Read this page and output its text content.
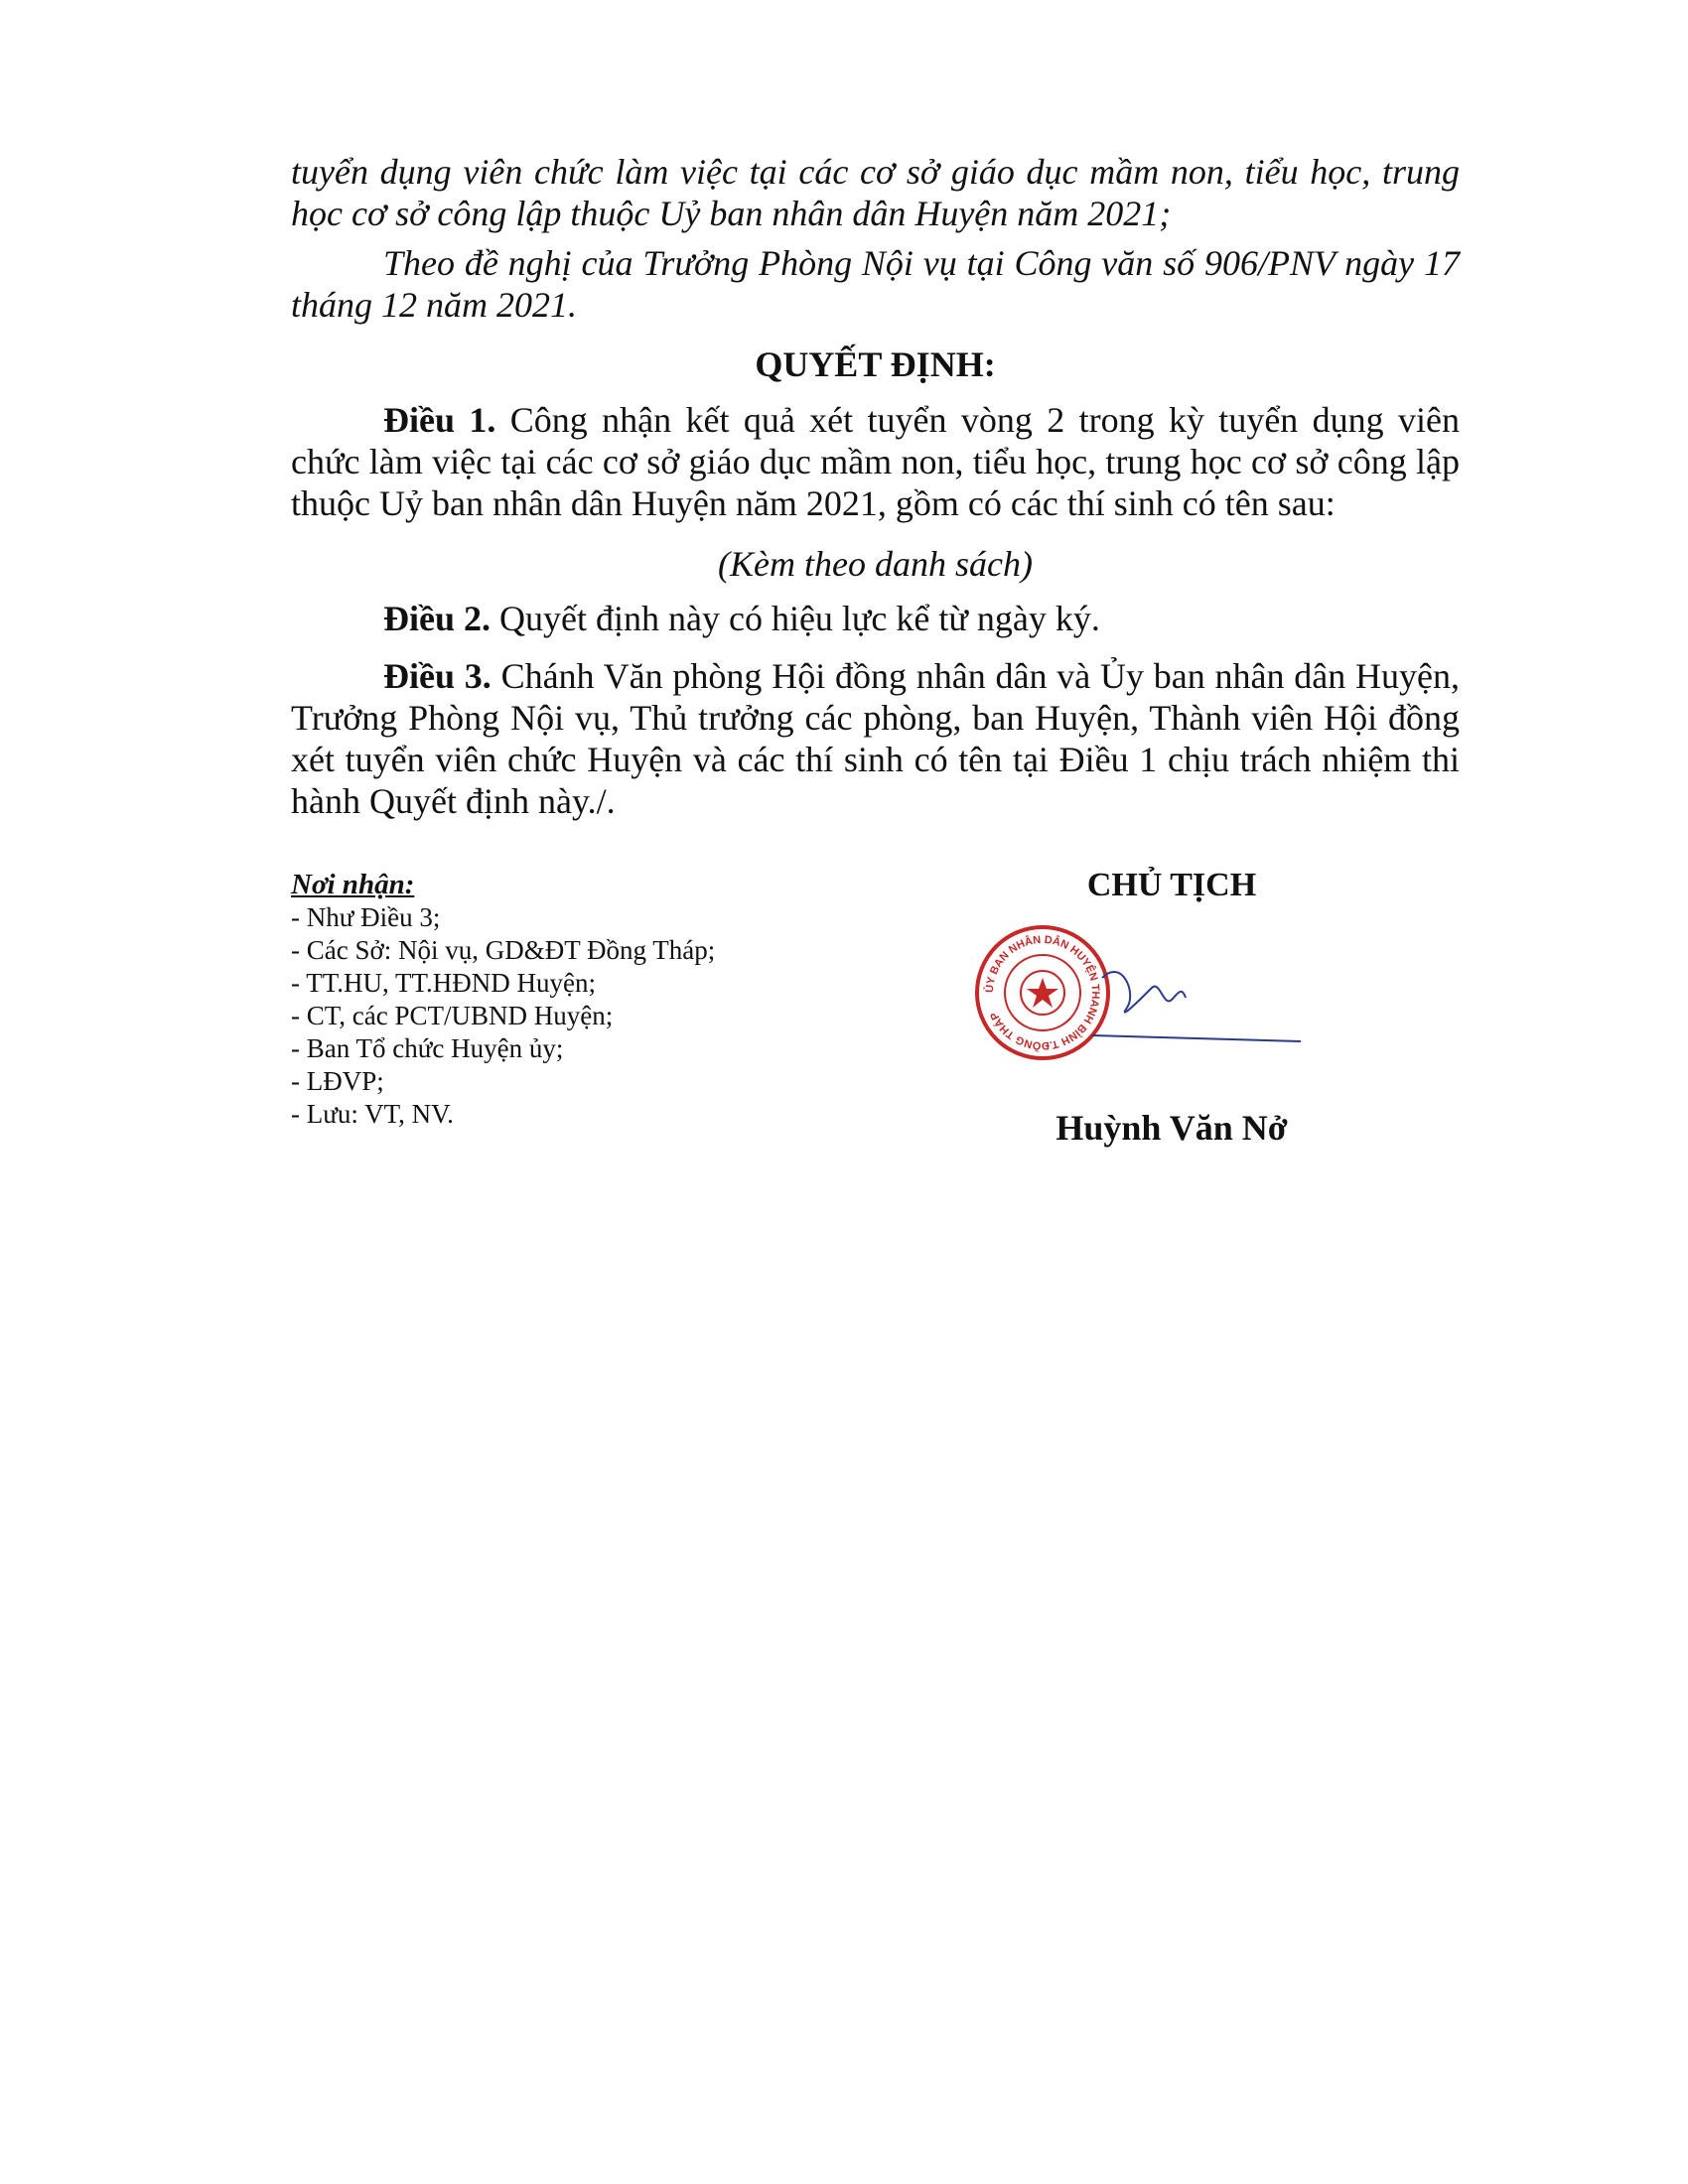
tuyển dụng viên chức làm việc tại các cơ sở giáo dục mầm non, tiểu học, trung học cơ sở công lập thuộc Uỷ ban nhân dân Huyện năm 2021;

Theo đề nghị của Trưởng Phòng Nội vụ tại Công văn số 906/PNV ngày 17 tháng 12 năm 2021.

QUYẾT ĐỊNH:

Điều 1. Công nhận kết quả xét tuyển vòng 2 trong kỳ tuyển dụng viên chức làm việc tại các cơ sở giáo dục mầm non, tiểu học, trung học cơ sở công lập thuộc Uỷ ban nhân dân Huyện năm 2021, gồm có các thí sinh có tên sau:

(Kèm theo danh sách)

Điều 2. Quyết định này có hiệu lực kể từ ngày ký.

Điều 3. Chánh Văn phòng Hội đồng nhân dân và Ủy ban nhân dân Huyện, Trưởng Phòng Nội vụ, Thủ trưởng các phòng, ban Huyện, Thành viên Hội đồng xét tuyển viên chức Huyện và các thí sinh có tên tại Điều 1 chịu trách nhiệm thi hành Quyết định này./.

Nơi nhận:
- Như Điều 3;
- Các Sở: Nội vụ, GD&ĐT Đồng Tháp;
- TT.HU, TT.HĐND Huyện;
- CT, các PCT/UBND Huyện;
- Ban Tổ chức Huyện ủy;
- LĐVP;
- Lưu: VT, NV.
CHỦ TỊCH
ỦY BAN NHÂN DÂN HUYỆN THANH BÌNH T.ĐỒNG THÁP
Huỳnh Văn Nở
